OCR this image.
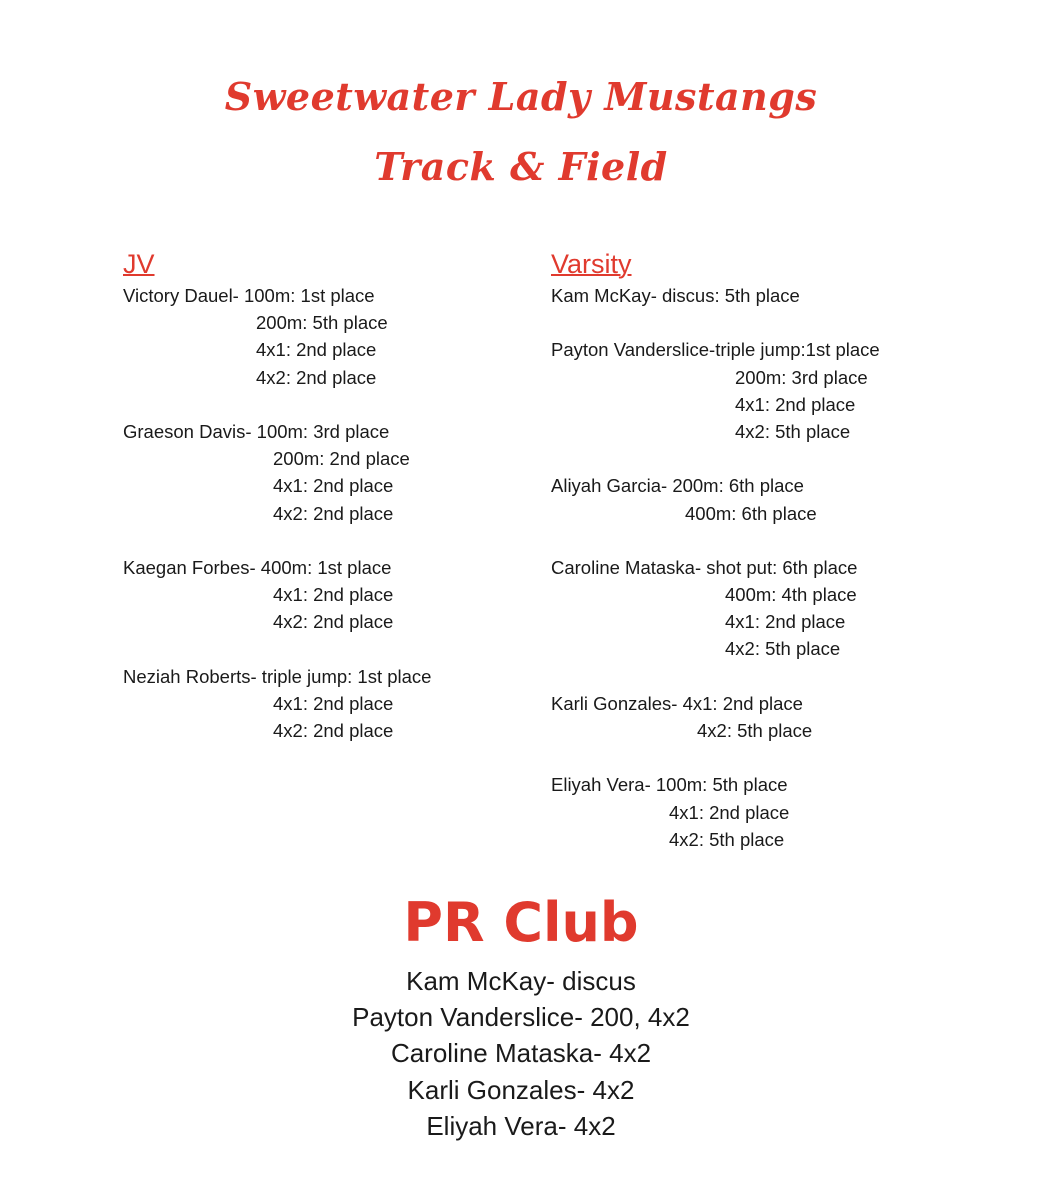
Sweetwater Lady Mustangs
Track & Field
JV
Victory Dauel- 100m: 1st place
200m: 5th place
4x1: 2nd place
4x2: 2nd place
Graeson Davis- 100m: 3rd place
200m: 2nd place
4x1: 2nd place
4x2: 2nd place
Kaegan Forbes- 400m: 1st place
4x1: 2nd place
4x2: 2nd place
Neziah Roberts- triple jump: 1st place
4x1: 2nd place
4x2: 2nd place
Varsity
Kam McKay- discus: 5th place
Payton Vanderslice-triple jump:1st place
200m: 3rd place
4x1: 2nd place
4x2: 5th place
Aliyah Garcia- 200m: 6th place
400m: 6th place
Caroline Mataska- shot put: 6th place
400m: 4th place
4x1: 2nd place
4x2: 5th place
Karli Gonzales- 4x1: 2nd place
4x2: 5th place
Eliyah Vera- 100m: 5th place
4x1: 2nd place
4x2: 5th place
PR Club
Kam McKay- discus
Payton Vanderslice- 200, 4x2
Caroline Mataska- 4x2
Karli Gonzales- 4x2
Eliyah Vera- 4x2
